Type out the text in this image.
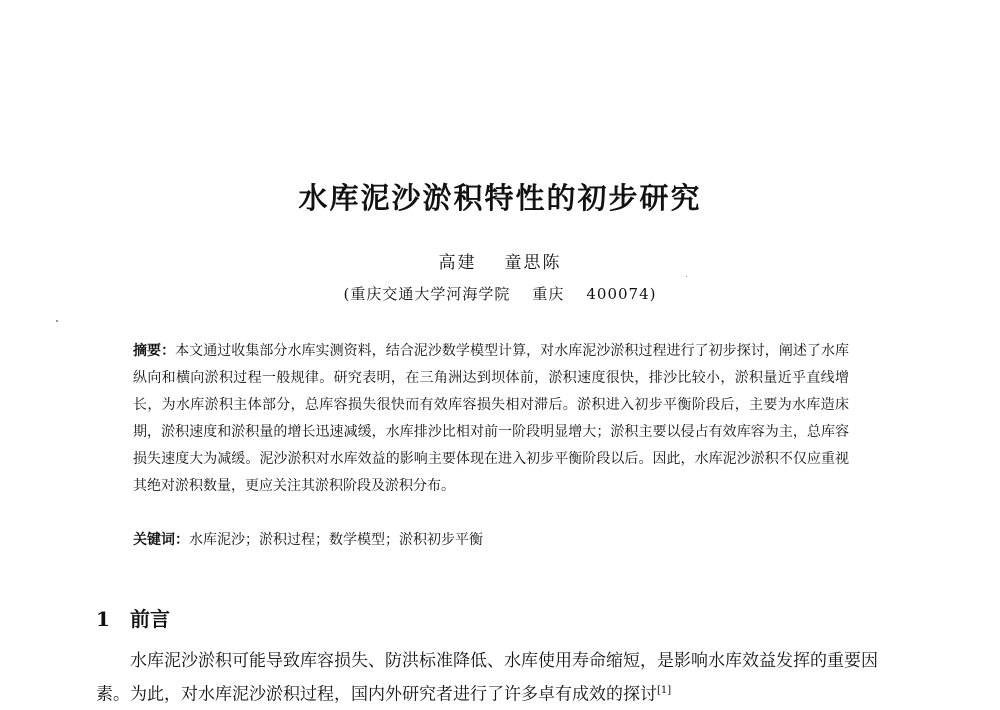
水库泥沙淤积特性的初步研究
高建 童思陈
(重庆交通大学河海学院 重庆 400074)

摘要：本文通过收集部分水库实测资料，结合泥沙数学模型计算，对水库泥沙淤积过程进行了初步探讨，阐述了水库纵向和横向淤积过程一般规律。研究表明，在三角洲达到坝体前，淤积速度很快，排沙比较小，淤积量近乎直线增长，为水库淤积主体部分，总库容损失很快而有效库容损失相对滞后。淤积进入初步平衡阶段后，主要为水库造床期，淤积速度和淤积量的增长迅速减缓，水库排沙比相对前一阶段明显增大；淤积主要以侵占有效库容为主，总库容损失速度大为减缓。泥沙淤积对水库效益的影响主要体现在进入初步平衡阶段以后。因此，水库泥沙淤积不仅应重视其绝对淤积数量，更应关注其淤积阶段及淤积分布。

关键词：水库泥沙；淤积过程；数学模型；淤积初步平衡
1 前言
水库泥沙淤积可能导致库容损失、防洪标准降低、水库使用寿命缩短，是影响水库效益发挥的重要因素。为此，对水库泥沙淤积过程，国内外研究者进行了许多卓有成效的探讨[1]
